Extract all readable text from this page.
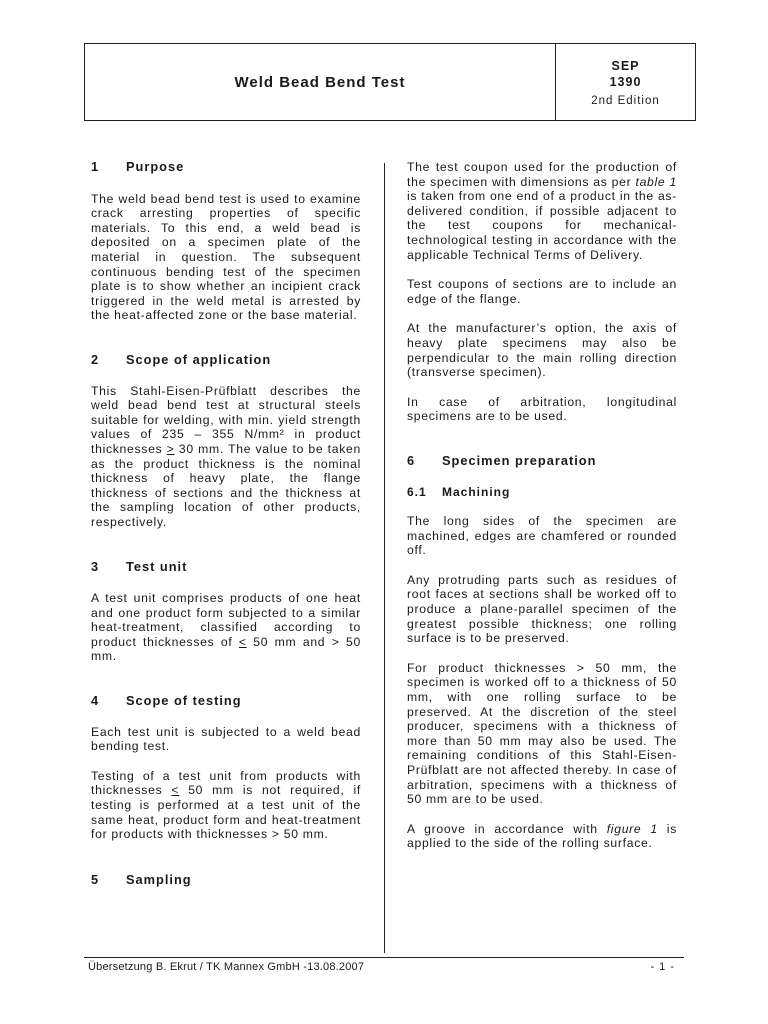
Weld Bead Bend Test
SEP
1390
2nd Edition
1	Purpose

The weld bead bend test is used to examine crack arresting properties of specific materials. To this end, a weld bead is deposited on a specimen plate of the material in question. The subsequent continuous bending test of the specimen plate is to show whether an incipient crack triggered in the weld metal is arrested by the heat-affected zone or the base material.

2	Scope of application

This Stahl-Eisen-Prüfblatt describes the weld bead bend test at structural steels suitable for welding, with min. yield strength values of 235 – 355 N/mm² in product thicknesses > 30 mm. The value to be taken as the product thickness is the nominal thickness of heavy plate, the flange thickness of sections and the thickness at the sampling location of other products, respectively.

3	Test unit

A test unit comprises products of one heat and one product form subjected to a similar heat-treatment, classified according to product thicknesses of < 50 mm and > 50 mm.

4	Scope of testing

Each test unit is subjected to a weld bead bending test.

Testing of a test unit from products with thicknesses < 50 mm is not required, if testing is performed at a test unit of the same heat, product form and heat-treatment for products with thicknesses > 50 mm.

5	Sampling

The test coupon used for the production of the specimen with dimensions as per table 1 is taken from one end of a product in the as-delivered condition, if possible adjacent to the test coupons for mechanical-technological testing in accordance with the applicable Technical Terms of Delivery.

Test coupons of sections are to include an edge of the flange.

At the manufacturer’s option, the axis of heavy plate specimens may also be perpendicular to the main rolling direction (transverse specimen).

In case of arbitration, longitudinal specimens are to be used.

6	Specimen preparation
6.1	Machining

The long sides of the specimen are machined, edges are chamfered or rounded off.

Any protruding parts such as residues of root faces at sections shall be worked off to produce a plane-parallel specimen of the greatest possible thickness; one rolling surface is to be preserved.

For product thicknesses > 50 mm, the specimen is worked off to a thickness of 50 mm, with one rolling surface to be preserved. At the discretion of the steel producer, specimens with a thickness of more than 50 mm may also be used. The remaining conditions of this Stahl-Eisen-Prüfblatt are not affected thereby. In case of arbitration, specimens with a thickness of 50 mm are to be used.

A groove in accordance with figure 1 is applied to the side of the rolling surface.

Übersetzung B. Ekrut / TK Mannex GmbH -13.08.2007	- 1 -
